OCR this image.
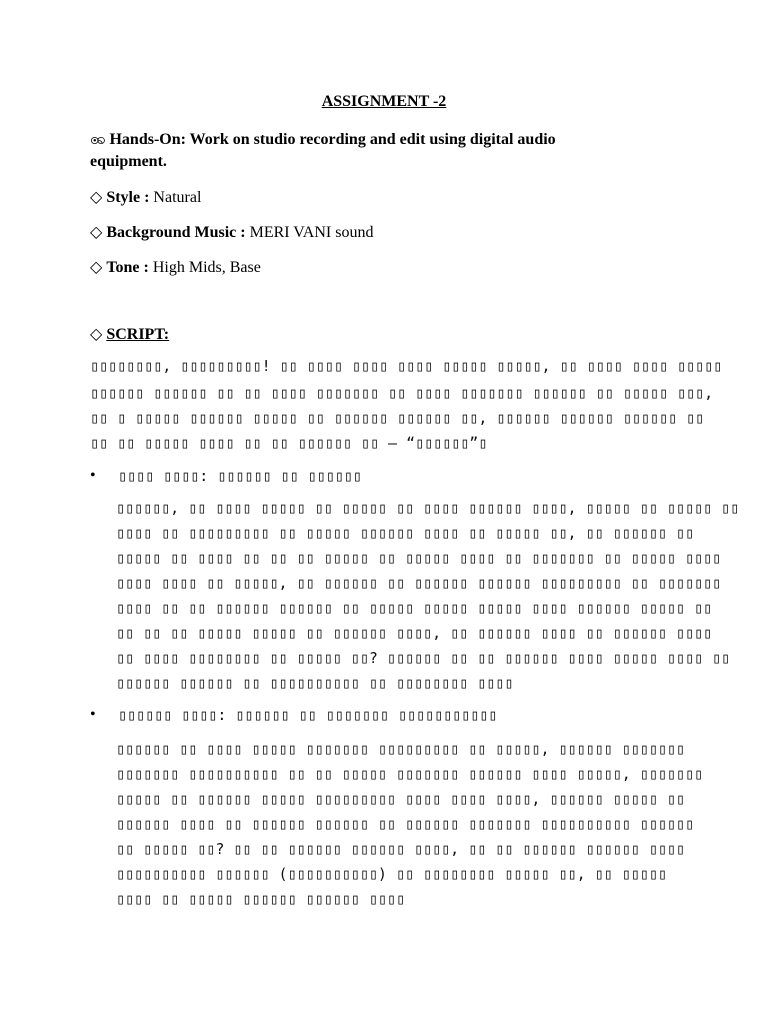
ASSIGNMENT -2
ꩩ Hands-On: Work on studio recording and edit using digital audio
equipment.
◇ Style : Natural
◇ Background Music : MERI VANI sound
◇ Tone : High Mids, Base
◇ SCRIPT:
▯▯▯▯▯▯▯▯, ▯▯▯▯▯▯▯▯▯! ▯▯ ▯▯▯▯ ▯▯▯▯ ▯▯▯▯ ▯▯▯▯▯ ▯▯▯▯▯, ▯▯ ▯▯▯▯ ▯▯▯▯ ▯▯▯▯▯
▯▯▯▯▯▯ ▯▯▯▯▯▯ ▯▯ ▯▯ ▯▯▯▯ ▯▯▯▯▯▯▯ ▯▯ ▯▯▯▯ ▯▯▯▯▯▯▯ ▯▯▯▯▯▯ ▯▯ ▯▯▯▯▯ ▯▯▯,
▯▯ ▯ ▯▯▯▯▯ ▯▯▯▯▯▯ ▯▯▯▯▯ ▯▯ ▯▯▯▯▯▯ ▯▯▯▯▯▯ ▯▯, ▯▯▯▯▯▯ ▯▯▯▯▯▯ ▯▯▯▯▯▯ ▯▯
▯▯ ▯▯ ▯▯▯▯▯ ▯▯▯▯ ▯▯ ▯▯ ▯▯▯▯▯▯ ▯▯ – “▯▯▯▯▯▯”▯
• ▯▯▯▯ ▯▯▯▯: ▯▯▯▯▯▯ ▯▯ ▯▯▯▯▯▯
▯▯▯▯▯▯, ▯▯ ▯▯▯▯ ▯▯▯▯▯ ▯▯ ▯▯▯▯▯ ▯▯ ▯▯▯▯ ▯▯▯▯▯▯ ▯▯▯▯, ▯▯▯▯▯ ▯▯ ▯▯▯▯▯ ▯▯
▯▯▯▯ ▯▯ ▯▯▯▯▯▯▯▯▯ ▯▯ ▯▯▯▯▯ ▯▯▯▯▯▯ ▯▯▯▯ ▯▯ ▯▯▯▯▯ ▯▯, ▯▯ ▯▯▯▯▯▯ ▯▯
▯▯▯▯▯ ▯▯ ▯▯▯▯ ▯▯ ▯▯ ▯▯ ▯▯▯▯▯ ▯▯ ▯▯▯▯▯ ▯▯▯▯ ▯▯ ▯▯▯▯▯▯▯ ▯▯ ▯▯▯▯▯ ▯▯▯▯
▯▯▯▯ ▯▯▯▯ ▯▯ ▯▯▯▯▯, ▯▯ ▯▯▯▯▯▯ ▯▯ ▯▯▯▯▯▯ ▯▯▯▯▯▯ ▯▯▯▯▯▯▯▯▯ ▯▯ ▯▯▯▯▯▯▯
▯▯▯▯ ▯▯ ▯▯ ▯▯▯▯▯▯ ▯▯▯▯▯▯ ▯▯ ▯▯▯▯▯ ▯▯▯▯▯ ▯▯▯▯▯ ▯▯▯▯ ▯▯▯▯▯▯ ▯▯▯▯▯ ▯▯
▯▯ ▯▯ ▯▯ ▯▯▯▯▯ ▯▯▯▯▯ ▯▯ ▯▯▯▯▯▯ ▯▯▯▯, ▯▯ ▯▯▯▯▯▯ ▯▯▯▯ ▯▯ ▯▯▯▯▯▯ ▯▯▯▯
▯▯ ▯▯▯▯ ▯▯▯▯▯▯▯▯ ▯▯ ▯▯▯▯▯ ▯▯? ▯▯▯▯▯▯ ▯▯ ▯▯ ▯▯▯▯▯▯ ▯▯▯▯ ▯▯▯▯▯ ▯▯▯▯ ▯▯
▯▯▯▯▯▯ ▯▯▯▯▯▯ ▯▯ ▯▯▯▯▯▯▯▯▯▯ ▯▯ ▯▯▯▯▯▯▯▯ ▯▯▯▯
• ▯▯▯▯▯▯ ▯▯▯▯: ▯▯▯▯▯▯ ▯▯ ▯▯▯▯▯▯▯ ▯▯▯▯▯▯▯▯▯▯▯
▯▯▯▯▯▯ ▯▯ ▯▯▯▯ ▯▯▯▯▯ ▯▯▯▯▯▯▯ ▯▯▯▯▯▯▯▯▯ ▯▯ ▯▯▯▯▯, ▯▯▯▯▯▯ ▯▯▯▯▯▯▯
▯▯▯▯▯▯▯ ▯▯▯▯▯▯▯▯▯▯ ▯▯ ▯▯ ▯▯▯▯▯ ▯▯▯▯▯▯▯ ▯▯▯▯▯▯ ▯▯▯▯ ▯▯▯▯▯, ▯▯▯▯▯▯▯
▯▯▯▯▯ ▯▯ ▯▯▯▯▯▯ ▯▯▯▯▯ ▯▯▯▯▯▯▯▯▯ ▯▯▯▯ ▯▯▯▯ ▯▯▯▯, ▯▯▯▯▯▯ ▯▯▯▯▯ ▯▯
▯▯▯▯▯▯ ▯▯▯▯ ▯▯ ▯▯▯▯▯▯ ▯▯▯▯▯▯ ▯▯ ▯▯▯▯▯▯ ▯▯▯▯▯▯▯ ▯▯▯▯▯▯▯▯▯▯ ▯▯▯▯▯▯
▯▯ ▯▯▯▯▯ ▯▯? ▯▯ ▯▯ ▯▯▯▯▯▯ ▯▯▯▯▯▯ ▯▯▯▯, ▯▯ ▯▯ ▯▯▯▯▯▯ ▯▯▯▯▯▯ ▯▯▯▯
▯▯▯▯▯▯▯▯▯▯ ▯▯▯▯▯▯ (▯▯▯▯▯▯▯▯▯▯) ▯▯ ▯▯▯▯▯▯▯▯ ▯▯▯▯▯ ▯▯, ▯▯ ▯▯▯▯▯
▯▯▯▯ ▯▯ ▯▯▯▯▯ ▯▯▯▯▯▯ ▯▯▯▯▯▯ ▯▯▯▯
